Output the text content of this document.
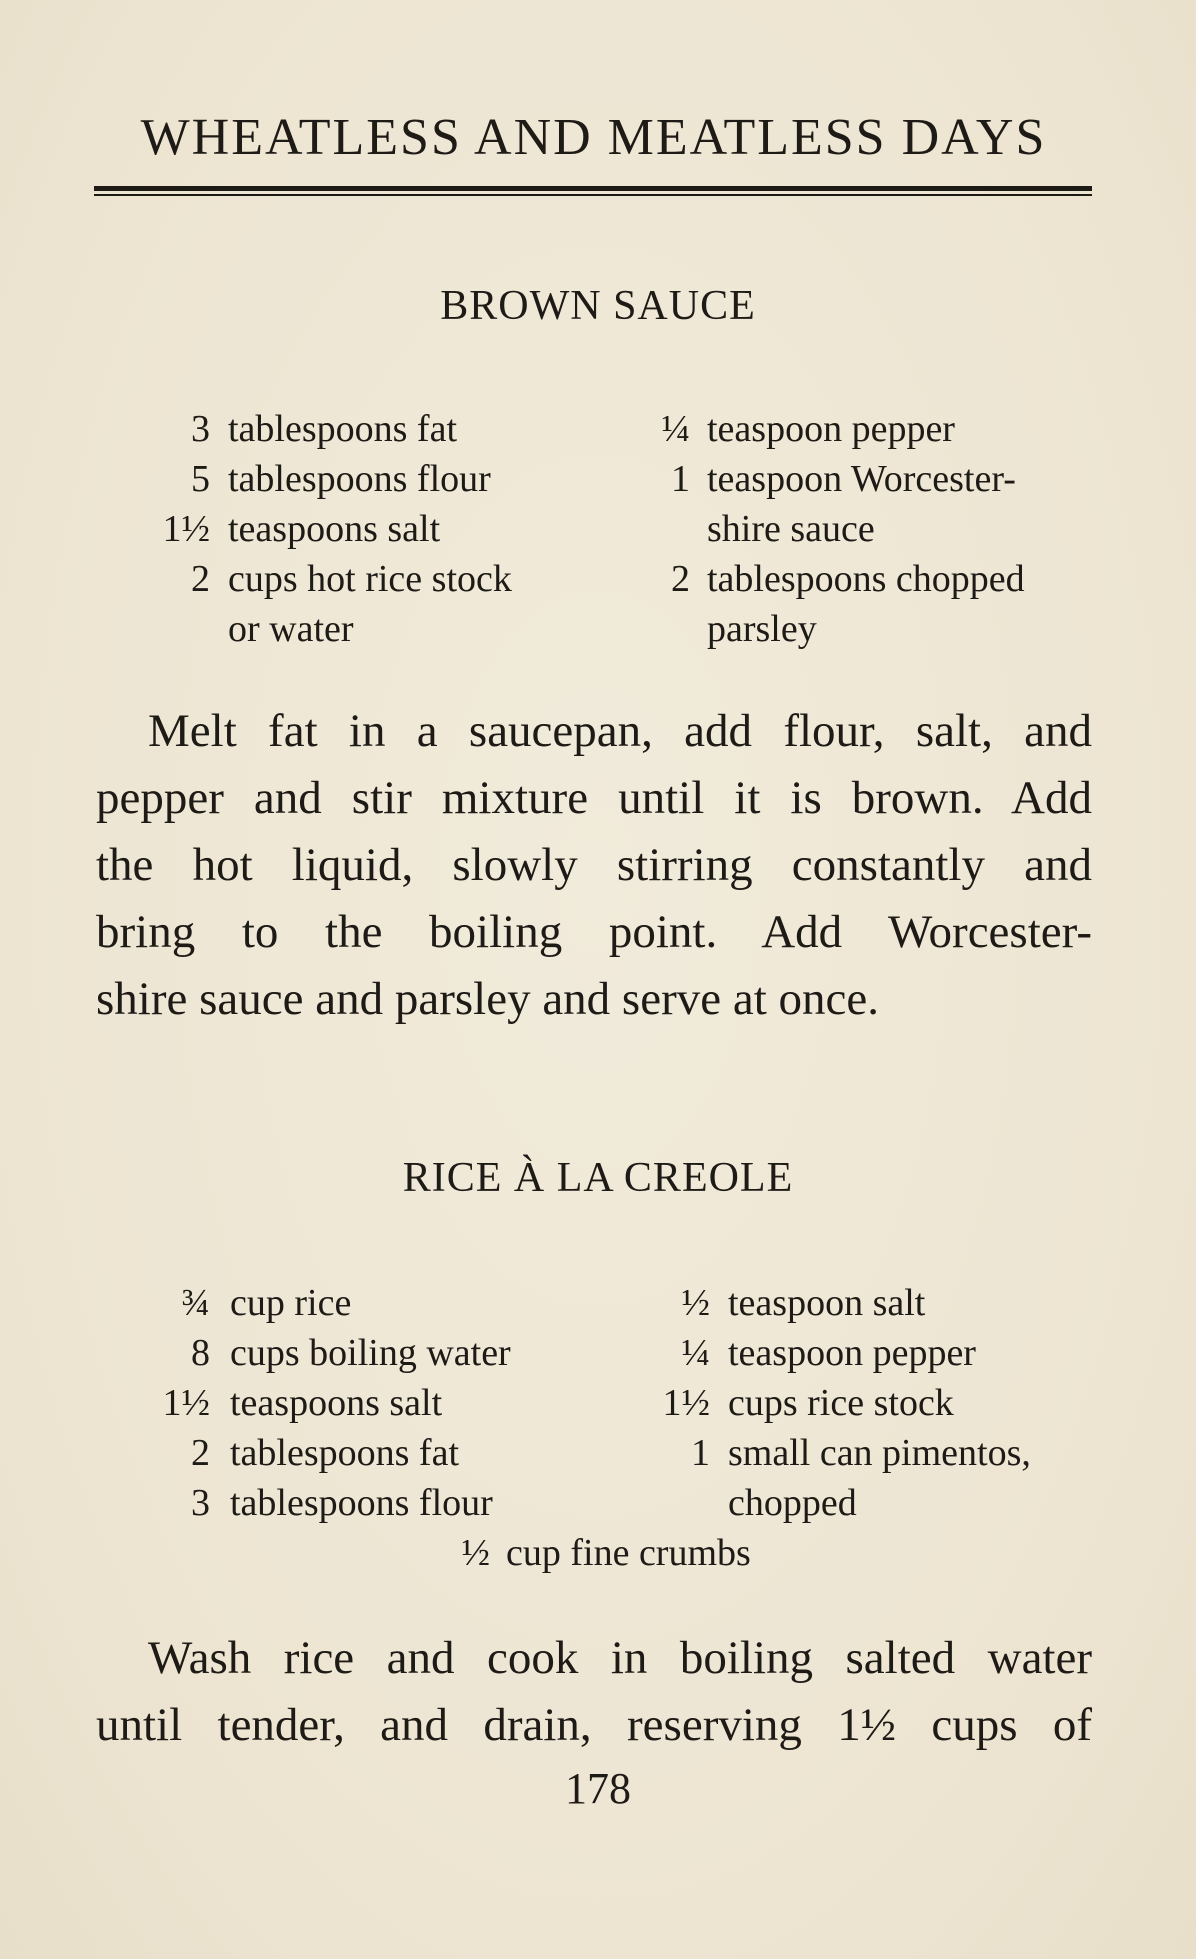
WHEATLESS AND MEATLESS DAYS
BROWN SAUCE
3 tablespoons fat
5 tablespoons flour
1½ teaspoons salt
2 cups hot rice stock
or water
¼ teaspoon pepper
1 teaspoon Worcester-
shire sauce
2 tablespoons chopped
parsley
Melt fat in a saucepan, add flour, salt, and
pepper and stir mixture until it is brown. Add
the hot liquid, slowly stirring constantly and
bring to the boiling point. Add Worcester-
shire sauce and parsley and serve at once.
RICE À LA CREOLE
¾ cup rice
8 cups boiling water
1½ teaspoons salt
2 tablespoons fat
3 tablespoons flour
½ teaspoon salt
¼ teaspoon pepper
1½ cups rice stock
1 small can pimentos,
chopped
½ cup fine crumbs
Wash rice and cook in boiling salted water
until tender, and drain, reserving 1½ cups of
178
